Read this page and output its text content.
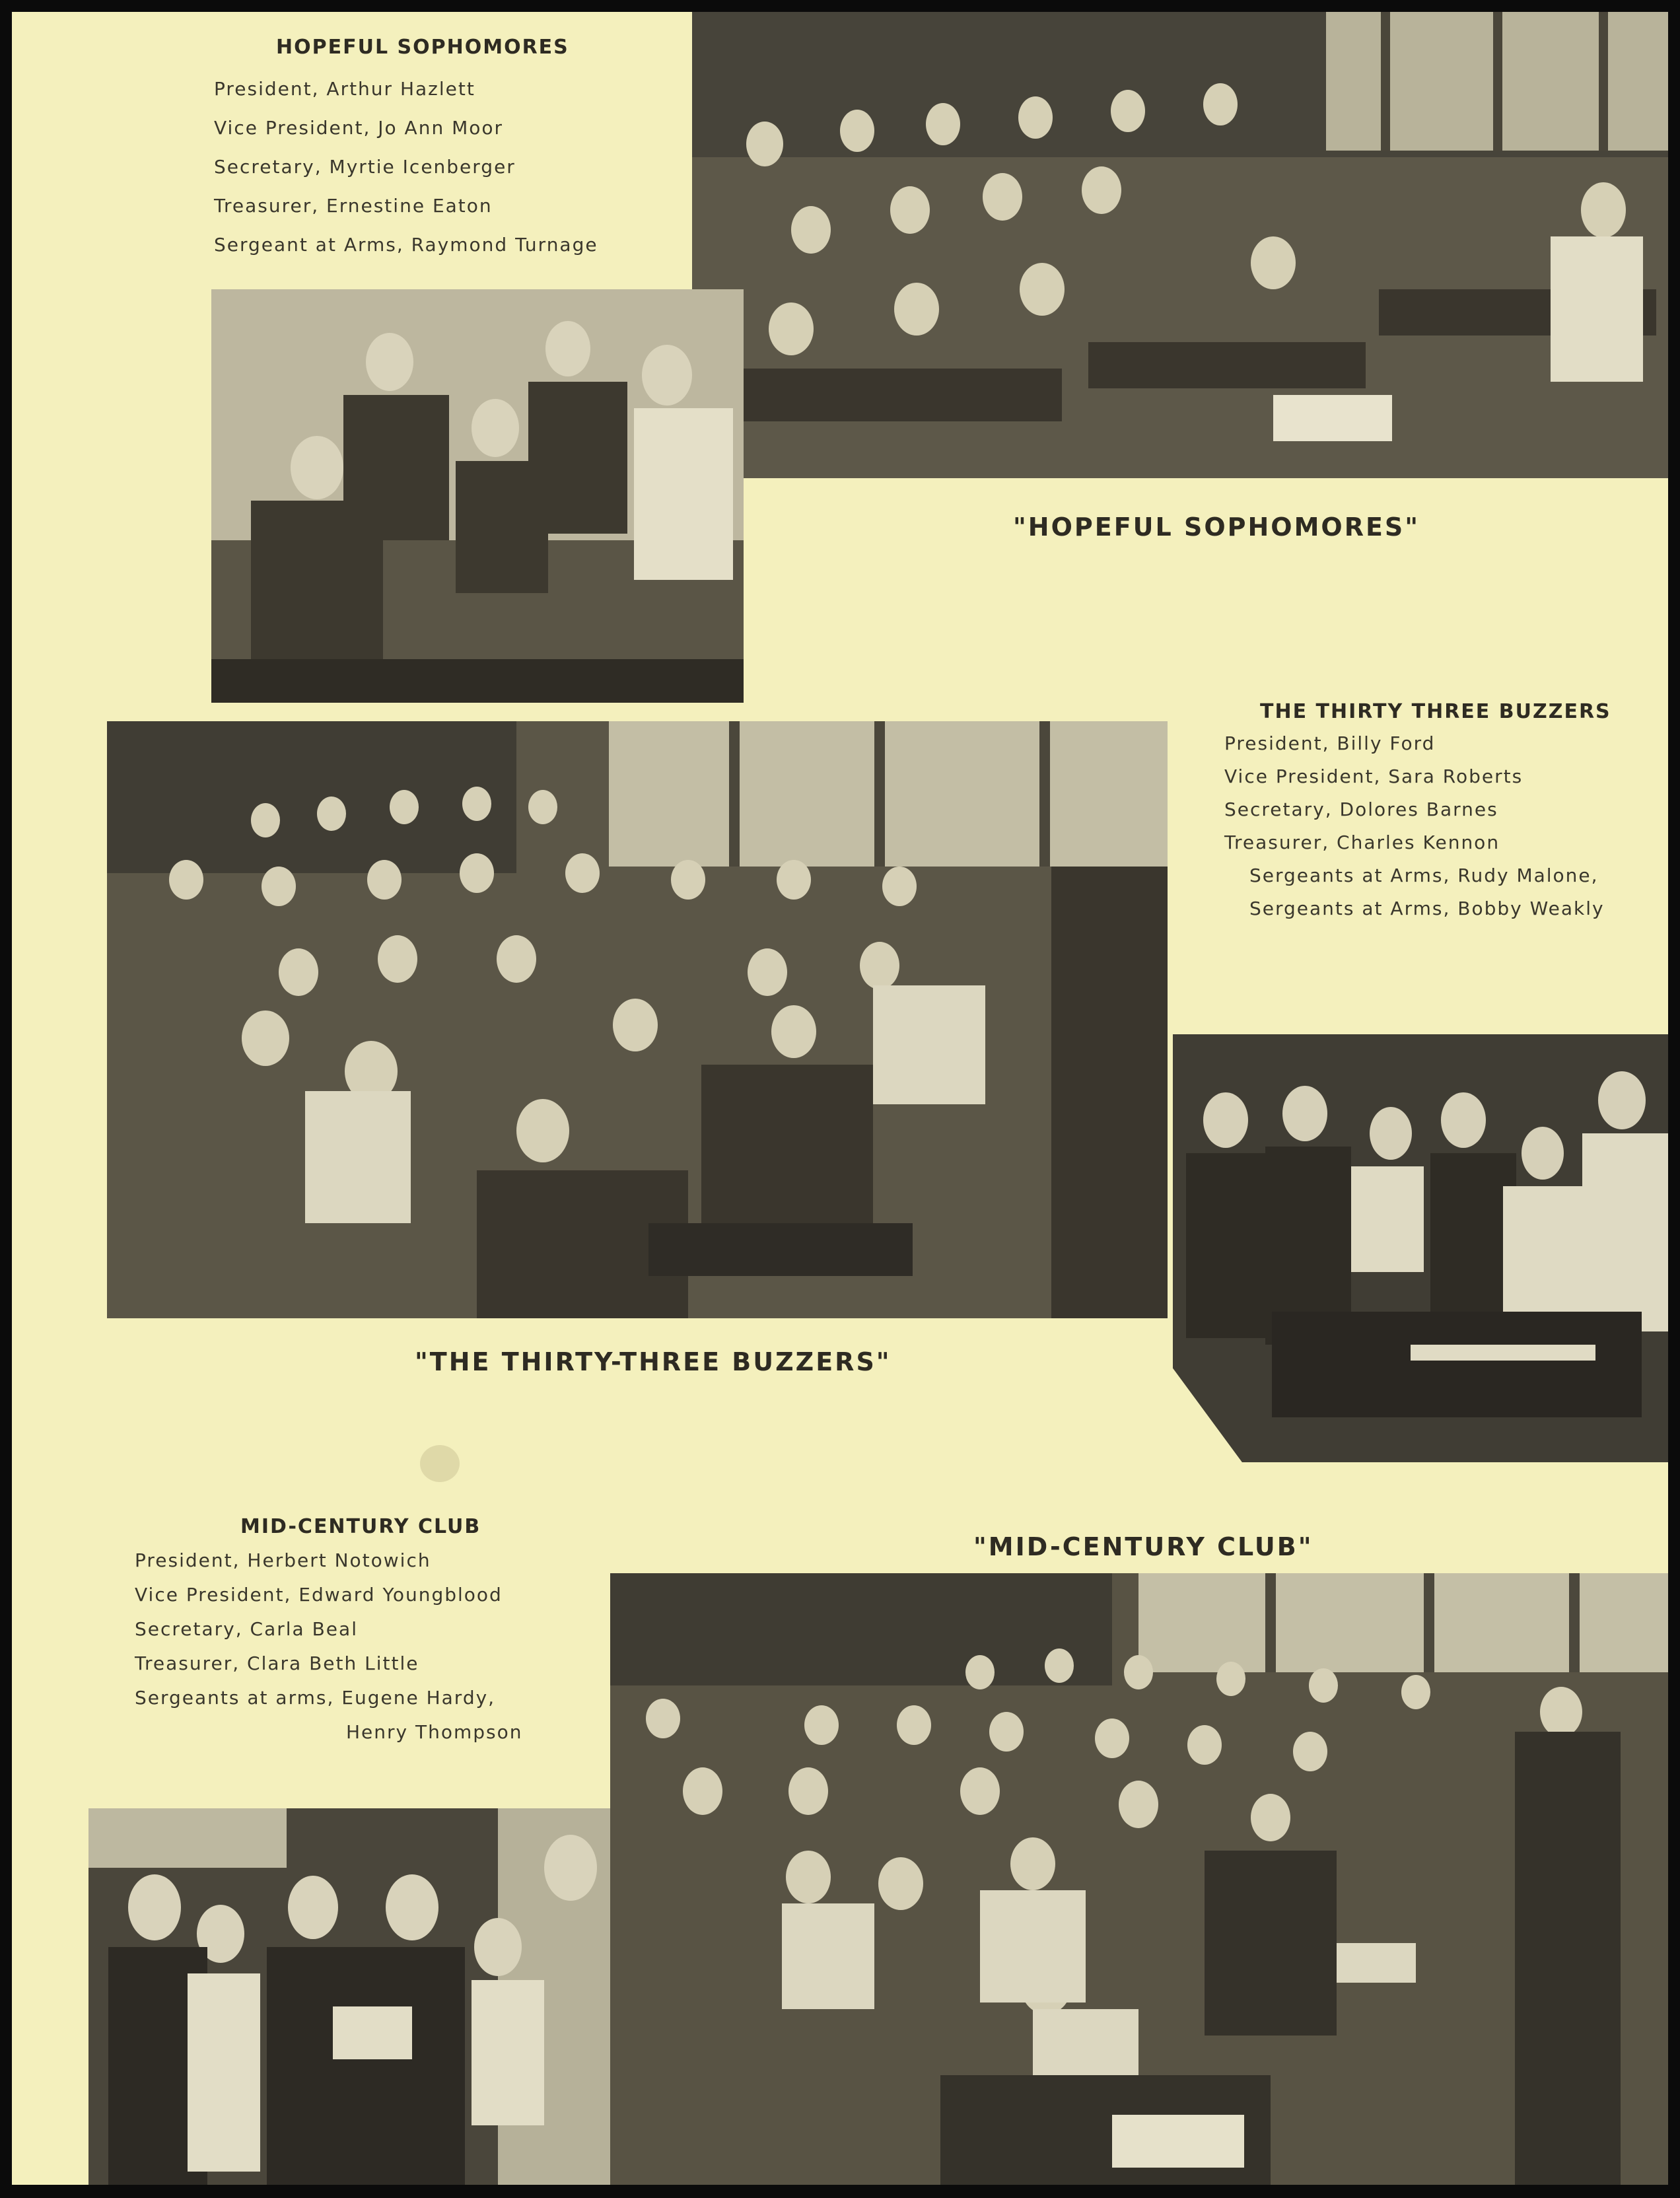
HOPEFUL SOPHOMORES
President, Arthur Hazlett
Vice President, Jo Ann Moor
Secretary, Myrtie Icenberger
Treasurer, Ernestine Eaton
Sergeant at Arms, Raymond Turnage
"HOPEFUL SOPHOMORES"
THE THIRTY THREE BUZZERS
President, Billy Ford
Vice President, Sara Roberts
Secretary, Dolores Barnes
Treasurer, Charles Kennon
Sergeants at Arms, Rudy Malone,
Sergeants at Arms, Bobby Weakly
"THE THIRTY-THREE BUZZERS"
MID-CENTURY CLUB
President, Herbert Notowich
Vice President, Edward Youngblood
Secretary, Carla Beal
Treasurer, Clara Beth Little
Sergeants at arms, Eugene Hardy,
Henry Thompson
"MID-CENTURY CLUB"
